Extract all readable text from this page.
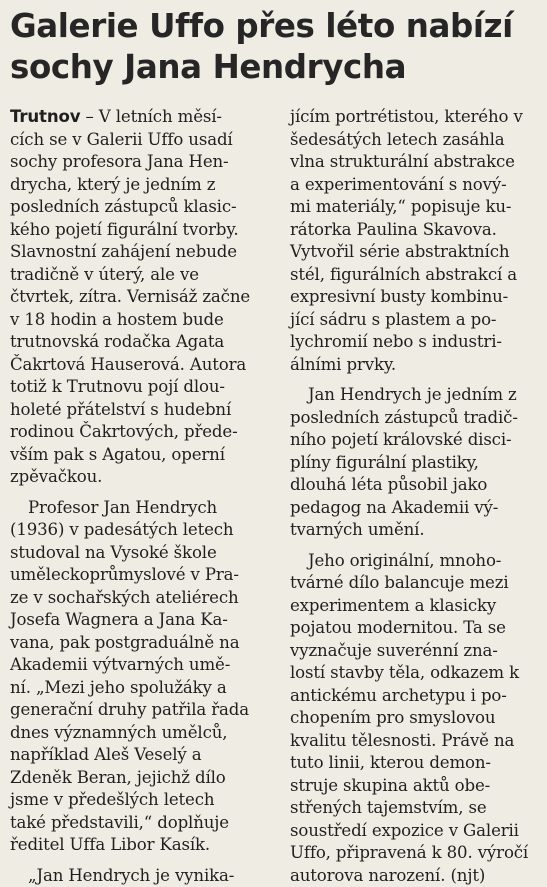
Galerie Uffo přes léto nabízí
sochy Jana Hendrycha
Trutnov – V letních měsí-
cích se v Galerii Uffo usadí
sochy profesora Jana Hen-
drycha, který je jedním z
posledních zástupců klasic-
kého pojetí figurální tvorby.
Slavnostní zahájení nebude
tradičně v úterý, ale ve
čtvrtek, zítra. Vernisáž začne
v 18 hodin a hostem bude
trutnovská rodačka Agata
Čakrtová Hauserová. Autora
totiž k Trutnovu pojí dlou-
holeté přátelství s hudební
rodinou Čakrtových, přede-
vším pak s Agatou, operní
zpěvačkou.
Profesor Jan Hendrych
(1936) v padesátých letech
studoval na Vysoké škole
uměleckoprůmyslové v Pra-
ze v sochařských ateliérech
Josefa Wagnera a Jana Ka-
vana, pak postgraduálně na
Akademii výtvarných umě-
ní. „Mezi jeho spolužáky a
generační druhy patřila řada
dnes významných umělců,
například Aleš Veselý a
Zdeněk Beran, jejichž dílo
jsme v předešlých letech
také představili,“ doplňuje
ředitel Uffa Libor Kasík.
„Jan Hendrych je vynika-
jícím portrétistou, kterého v
šedesátých letech zasáhla
vlna strukturální abstrakce
a experimentování s nový-
mi materiály,“ popisuje ku-
rátorka Paulina Skavova.
Vytvořil série abstraktních
stél, figurálních abstrakcí a
expresivní busty kombinu-
jící sádru s plastem a po-
lychromií nebo s industri-
álními prvky.
Jan Hendrych je jedním z
posledních zástupců tradič-
ního pojetí královské disci-
plíny figurální plastiky,
dlouhá léta působil jako
pedagog na Akademii vý-
tvarných umění.
Jeho originální, mnoho-
tvárné dílo balancuje mezi
experimentem a klasicky
pojatou modernitou. Ta se
vyznačuje suverénní zna-
lostí stavby těla, odkazem k
antickému archetypu i po-
chopením pro smyslovou
kvalitu tělesnosti. Právě na
tuto linii, kterou demon-
struje skupina aktů obe-
střených tajemstvím, se
soustředí expozice v Galerii
Uffo, připravená k 80. výročí
autorova narození. (njt)
